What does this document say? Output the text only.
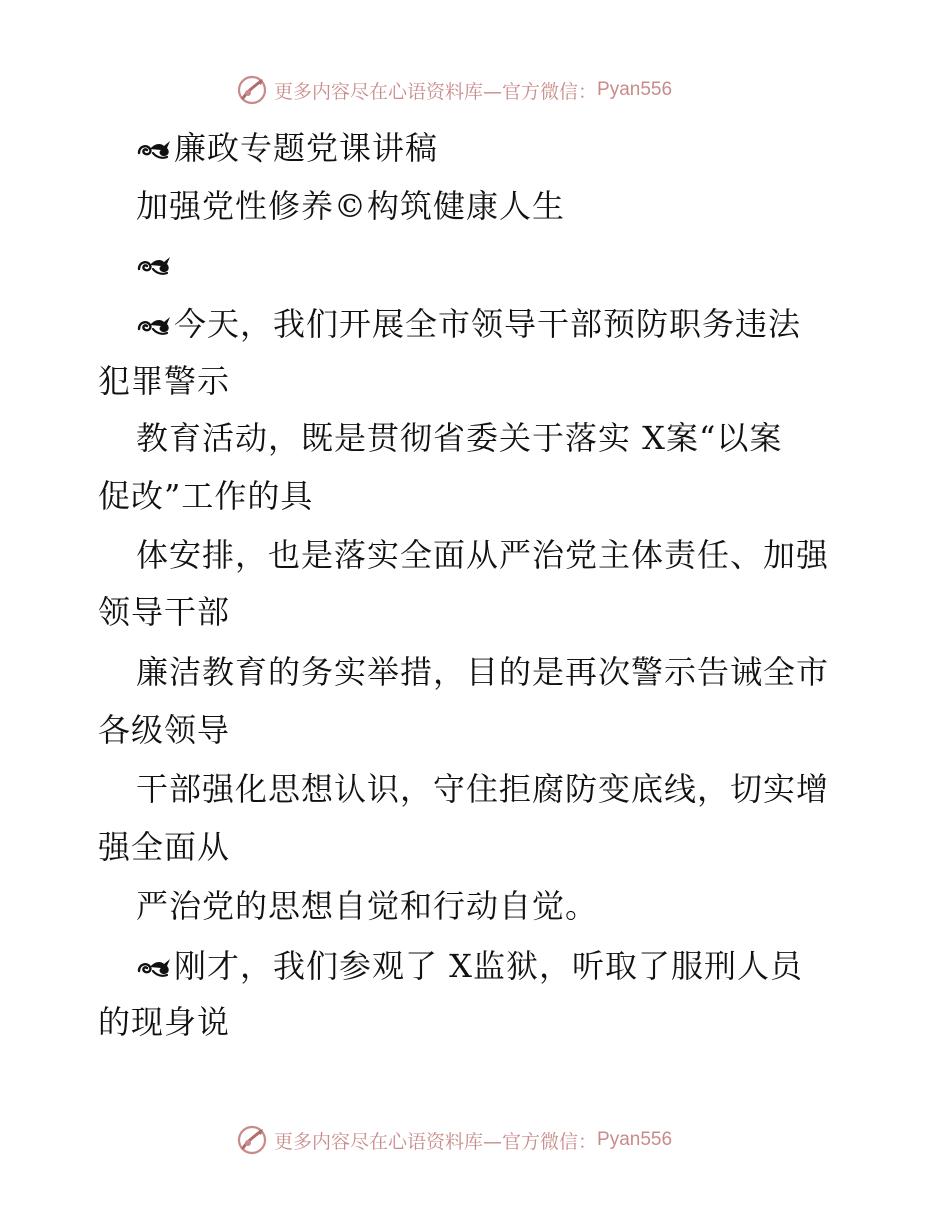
更多内容尽在心语资料库—官方微信： Pyan556
廉政专题党课讲稿
加强党性修养©构筑健康人生
今天，我们开展全市领导干部预防职务违法
犯罪警示
教育活动，既是贯彻省委关于落实 X案“以案
促改”工作的具
体安排，也是落实全面从严治党主体责任、加强
领导干部
廉洁教育的务实举措，目的是再次警示告诫全市
各级领导
干部强化思想认识，守住拒腐防变底线，切实增
强全面从
严治党的思想自觉和行动自觉。
刚才，我们参观了 X监狱，听取了服刑人员
的现身说
更多内容尽在心语资料库—官方微信： Pyan556
